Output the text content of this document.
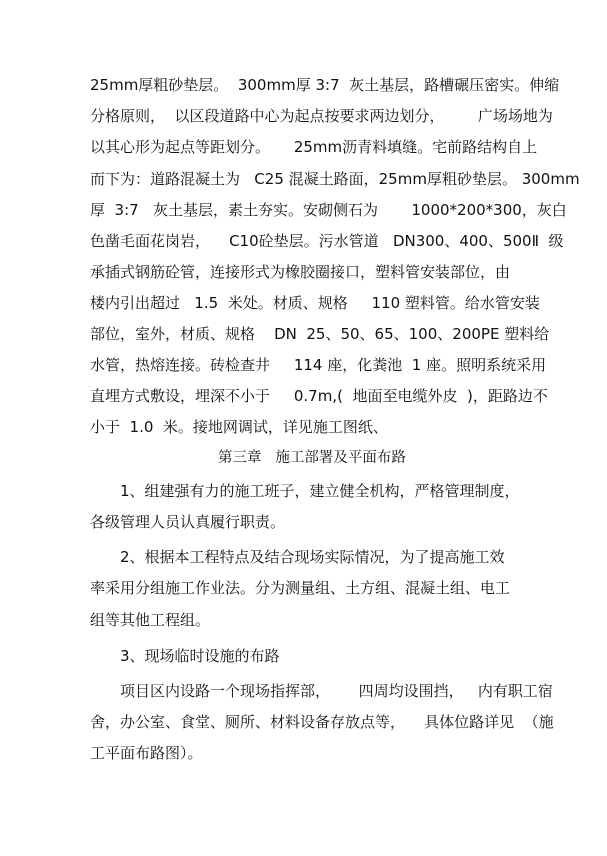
25mm厚粗砂垫层。  300mm厚 3:7  灰土基层，路槽碾压密实。伸缩
分格原则，  以区段道路中心为起点按要求两边划分，       广场场地为
以其心形为起点等距划分。     25mm沥青料填缝。宅前路结构自上
而下为：道路混凝土为   C25 混凝土路面，25mm厚粗砂垫层。 300mm
厚  3:7   灰土基层，素土夯实。安砌侧石为       1000*200*300，灰白
色凿毛面花岗岩，    C10砼垫层。污水管道   DN300、400、500Ⅱ  级
承插式钢筋砼管，连接形式为橡胶圈接口，塑料管安装部位，由
楼内引出超过   1.5  米处。材质、规格     110 塑料管。给水管安装
部位，室外，材质、规格    DN  25、50、65、100、200PE 塑料给
水管，热熔连接。砖检查井     114 座，化粪池  1 座。照明系统采用
直埋方式敷设，埋深不小于     0.7m,(  地面至电缆外皮  )，距路边不
小于  1.0  米。接地网调试，详见施工图纸、
第三章   施工部署及平面布路
1、组建强有力的施工班子，建立健全机构，严格管理制度，
各级管理人员认真履行职责。
2、根据本工程特点及结合现场实际情况，为了提高施工效
率采用分组施工作业法。分为测量组、土方组、混凝土组、电工
组等其他工程组。
3、现场临时设施的布路
项目区内设路一个现场指挥部，      四周均设围挡，   内有职工宿
舍，办公室、食堂、厕所、材料设备存放点等，    具体位路详见  （施
工平面布路图）。
